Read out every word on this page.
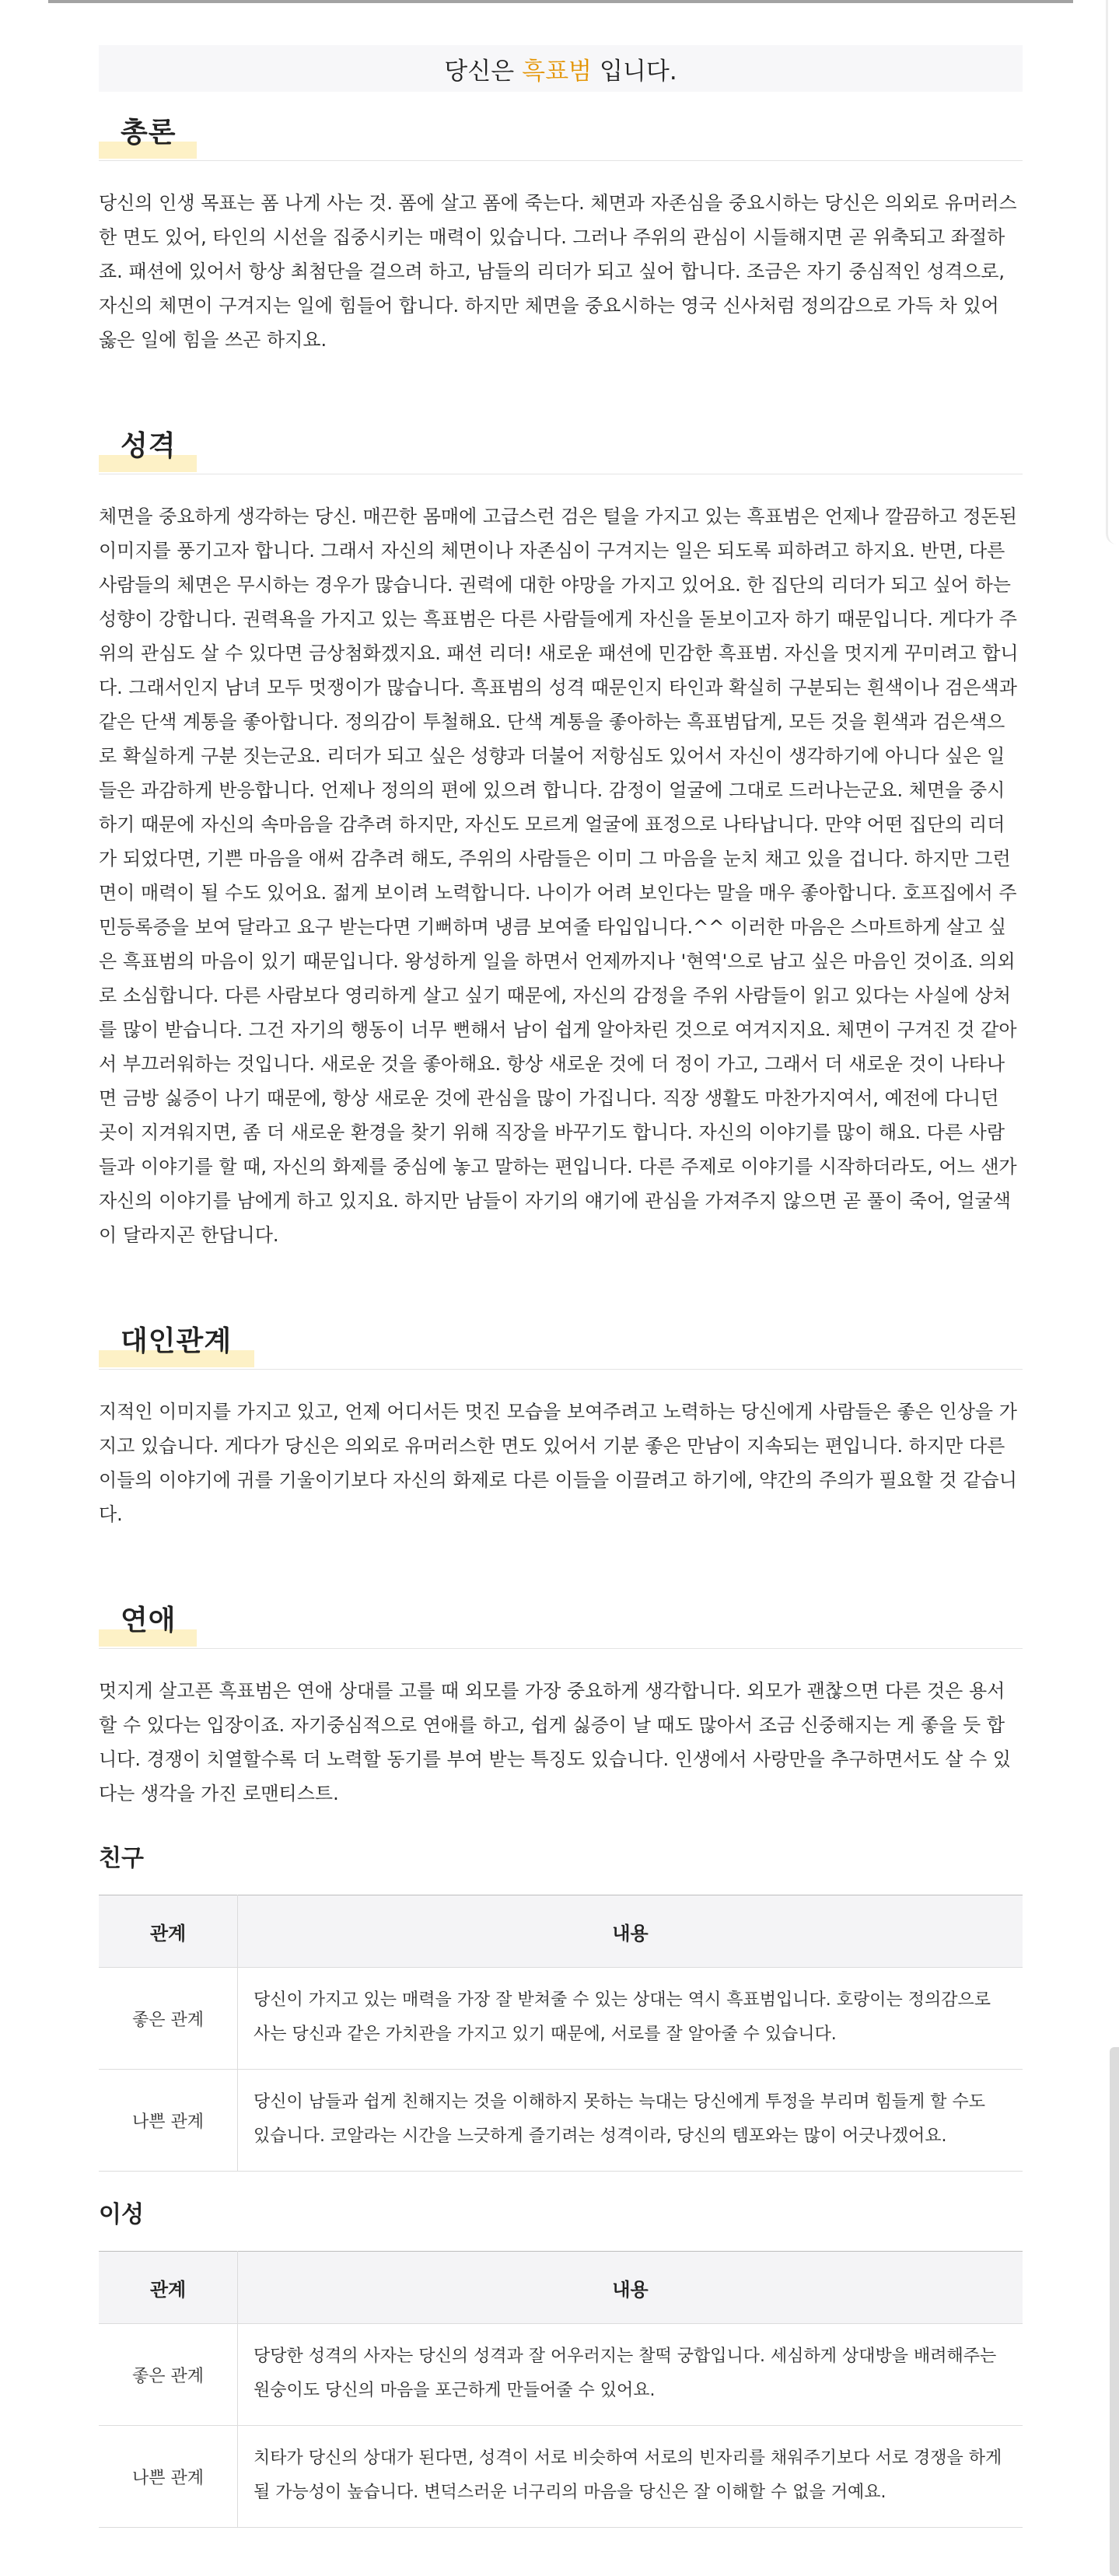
당신은 흑표범 입니다.
총론

당신의 인생 목표는 폼 나게 사는 것. 폼에 살고 폼에 죽는다. 체면과 자존심을 중요시하는 당신은 의외로 유머러스한 면도 있어, 타인의 시선을 집중시키는 매력이 있습니다. 그러나 주위의 관심이 시들해지면 곧 위축되고 좌절하죠. 패션에 있어서 항상 최첨단을 걸으려 하고, 남들의 리더가 되고 싶어 합니다. 조금은 자기 중심적인 성격으로, 자신의 체면이 구겨지는 일에 힘들어 합니다. 하지만 체면을 중요시하는 영국 신사처럼 정의감으로 가득 차 있어 옳은 일에 힘을 쓰곤 하지요.

성격

체면을 중요하게 생각하는 당신. 매끈한 몸매에 고급스런 검은 털을 가지고 있는 흑표범은 언제나 깔끔하고 정돈된 이미지를 풍기고자 합니다. 그래서 자신의 체면이나 자존심이 구겨지는 일은 되도록 피하려고 하지요. 반면, 다른 사람들의 체면은 무시하는 경우가 많습니다. 권력에 대한 야망을 가지고 있어요. 한 집단의 리더가 되고 싶어 하는 성향이 강합니다. 권력욕을 가지고 있는 흑표범은 다른 사람들에게 자신을 돋보이고자 하기 때문입니다. 게다가 주위의 관심도 살 수 있다면 금상첨화겠지요. 패션 리더! 새로운 패션에 민감한 흑표범. 자신을 멋지게 꾸미려고 합니다. 그래서인지 남녀 모두 멋쟁이가 많습니다. 흑표범의 성격 때문인지 타인과 확실히 구분되는 흰색이나 검은색과 같은 단색 계통을 좋아합니다. 정의감이 투철해요. 단색 계통을 좋아하는 흑표범답게, 모든 것을 흰색과 검은색으로 확실하게 구분 짓는군요. 리더가 되고 싶은 성향과 더불어 저항심도 있어서 자신이 생각하기에 아니다 싶은 일들은 과감하게 반응합니다. 언제나 정의의 편에 있으려 합니다. 감정이 얼굴에 그대로 드러나는군요. 체면을 중시하기 때문에 자신의 속마음을 감추려 하지만, 자신도 모르게 얼굴에 표정으로 나타납니다. 만약 어떤 집단의 리더가 되었다면, 기쁜 마음을 애써 감추려 해도, 주위의 사람들은 이미 그 마음을 눈치 채고 있을 겁니다. 하지만 그런 면이 매력이 될 수도 있어요. 젊게 보이려 노력합니다. 나이가 어려 보인다는 말을 매우 좋아합니다. 호프집에서 주민등록증을 보여 달라고 요구 받는다면 기뻐하며 냉큼 보여줄 타입입니다.^^ 이러한 마음은 스마트하게 살고 싶은 흑표범의 마음이 있기 때문입니다. 왕성하게 일을 하면서 언제까지나 '현역'으로 남고 싶은 마음인 것이죠. 의외로 소심합니다. 다른 사람보다 영리하게 살고 싶기 때문에, 자신의 감정을 주위 사람들이 읽고 있다는 사실에 상처를 많이 받습니다. 그건 자기의 행동이 너무 뻔해서 남이 쉽게 알아차린 것으로 여겨지지요. 체면이 구겨진 것 같아서 부끄러워하는 것입니다. 새로운 것을 좋아해요. 항상 새로운 것에 더 정이 가고, 그래서 더 새로운 것이 나타나면 금방 싫증이 나기 때문에, 항상 새로운 것에 관심을 많이 가집니다. 직장 생활도 마찬가지여서, 예전에 다니던 곳이 지겨워지면, 좀 더 새로운 환경을 찾기 위해 직장을 바꾸기도 합니다. 자신의 이야기를 많이 해요. 다른 사람들과 이야기를 할 때, 자신의 화제를 중심에 놓고 말하는 편입니다. 다른 주제로 이야기를 시작하더라도, 어느 샌가 자신의 이야기를 남에게 하고 있지요. 하지만 남들이 자기의 얘기에 관심을 가져주지 않으면 곧 풀이 죽어, 얼굴색이 달라지곤 한답니다.

대인관계

지적인 이미지를 가지고 있고, 언제 어디서든 멋진 모습을 보여주려고 노력하는 당신에게 사람들은 좋은 인상을 가지고 있습니다. 게다가 당신은 의외로 유머러스한 면도 있어서 기분 좋은 만남이 지속되는 편입니다. 하지만 다른 이들의 이야기에 귀를 기울이기보다 자신의 화제로 다른 이들을 이끌려고 하기에, 약간의 주의가 필요할 것 같습니다.

연애

멋지게 살고픈 흑표범은 연애 상대를 고를 때 외모를 가장 중요하게 생각합니다. 외모가 괜찮으면 다른 것은 용서할 수 있다는 입장이죠. 자기중심적으로 연애를 하고, 쉽게 싫증이 날 때도 많아서 조금 신중해지는 게 좋을 듯 합니다. 경쟁이 치열할수록 더 노력할 동기를 부여 받는 특징도 있습니다. 인생에서 사랑만을 추구하면서도 살 수 있다는 생각을 가진 로맨티스트.

친구
관계	내용
좋은 관계	당신이 가지고 있는 매력을 가장 잘 받쳐줄 수 있는 상대는 역시 흑표범입니다. 호랑이는 정의감으로 사는 당신과 같은 가치관을 가지고 있기 때문에, 서로를 잘 알아줄 수 있습니다.
나쁜 관계	당신이 남들과 쉽게 친해지는 것을 이해하지 못하는 늑대는 당신에게 투정을 부리며 힘들게 할 수도 있습니다. 코알라는 시간을 느긋하게 즐기려는 성격이라, 당신의 템포와는 많이 어긋나겠어요.
이성
관계	내용
좋은 관계	당당한 성격의 사자는 당신의 성격과 잘 어우러지는 찰떡 궁합입니다. 세심하게 상대방을 배려해주는 원숭이도 당신의 마음을 포근하게 만들어줄 수 있어요.
나쁜 관계	치타가 당신의 상대가 된다면, 성격이 서로 비슷하여 서로의 빈자리를 채워주기보다 서로 경쟁을 하게 될 가능성이 높습니다. 변덕스러운 너구리의 마음을 당신은 잘 이해할 수 없을 거예요.
